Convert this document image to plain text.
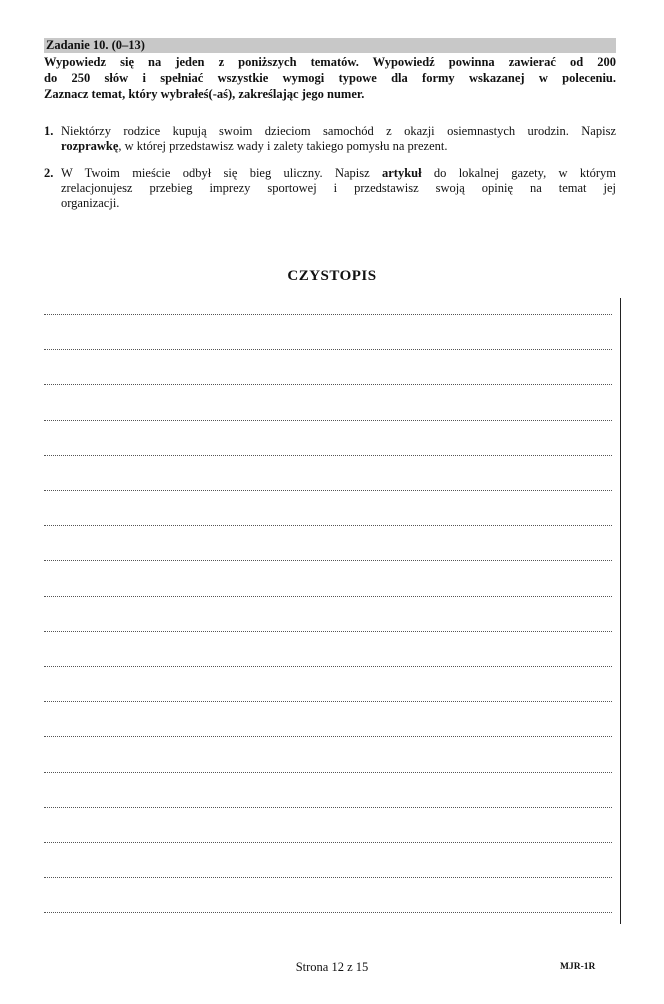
Zadanie 10. (0–13)
Wypowiedz się na jeden z poniższych tematów. Wypowiedź powinna zawierać od 200
do 250 słów i spełniać wszystkie wymogi typowe dla formy wskazanej w poleceniu.
Zaznacz temat, który wybrałeś(-aś), zakreślając jego numer.
1. Niektórzy rodzice kupują swoim dzieciom samochód z okazji osiemnastych urodzin. Napisz
rozprawkę, w której przedstawisz wady i zalety takiego pomysłu na prezent.
2. W Twoim mieście odbył się bieg uliczny. Napisz artykuł do lokalnej gazety, w którym
zrelacjonujesz przebieg imprezy sportowej i przedstawisz swoją opinię na temat jej
organizacji.
CZYSTOPIS
Strona 12 z 15	MJR-1R
